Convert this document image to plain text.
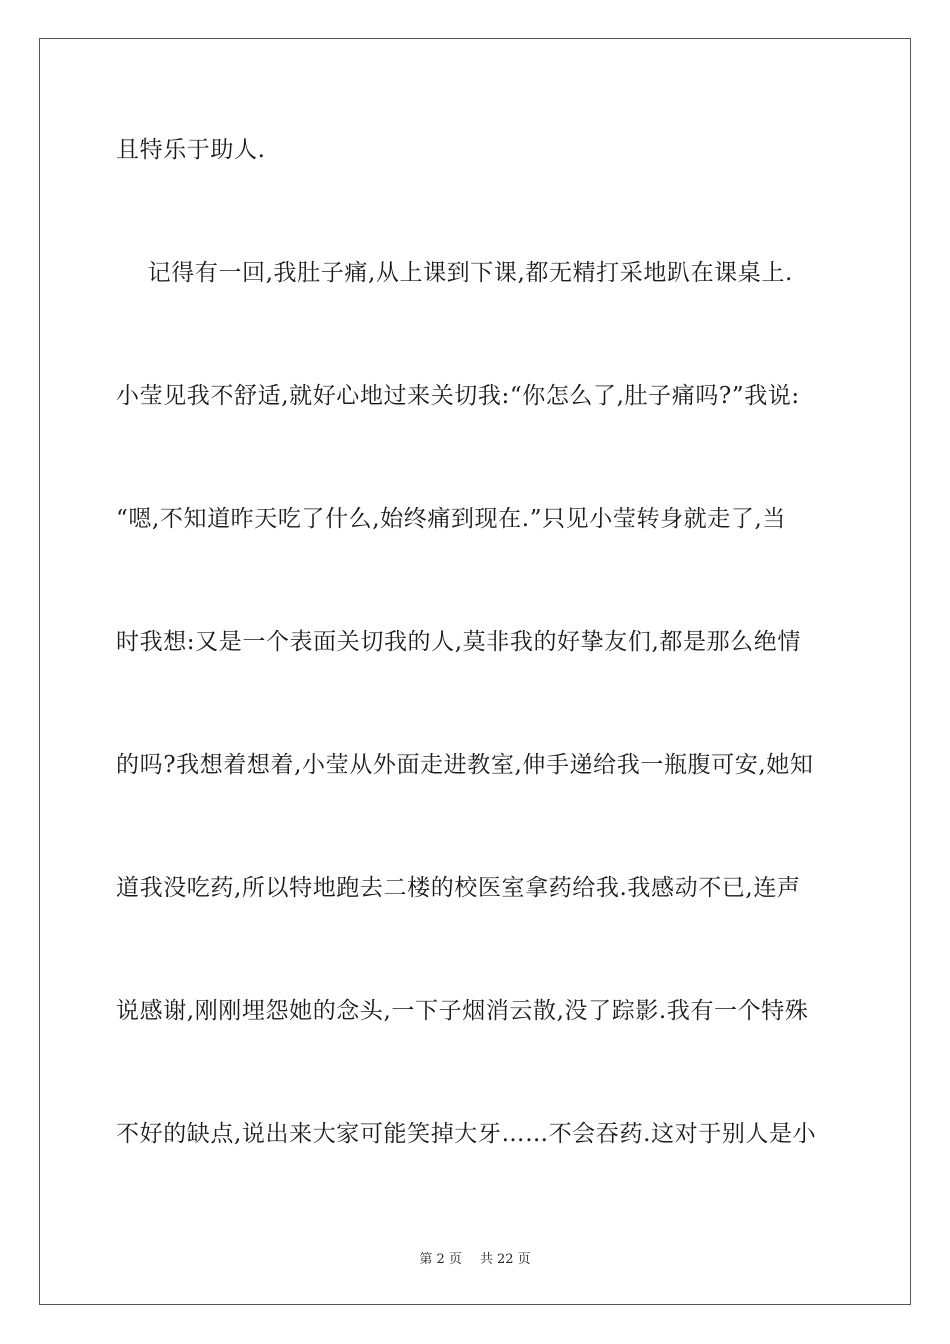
且特乐于助人.
记得有一回,我肚子痛,从上课到下课,都无精打采地趴在课桌上.
小莹见我不舒适,就好心地过来关切我:“你怎么了,肚子痛吗?”我说:
“嗯,不知道昨天吃了什么,始终痛到现在.”只见小莹转身就走了,当
时我想:又是一个表面关切我的人,莫非我的好挚友们,都是那么绝情
的吗?我想着想着,小莹从外面走进教室,伸手递给我一瓶腹可安,她知
道我没吃药,所以特地跑去二楼的校医室拿药给我.我感动不已,连声
说感谢,刚刚埋怨她的念头,一下子烟消云散,没了踪影.我有一个特殊
不好的缺点,说出来大家可能笑掉大牙……不会吞药.这对于别人是小
第 2 页 共 22 页
